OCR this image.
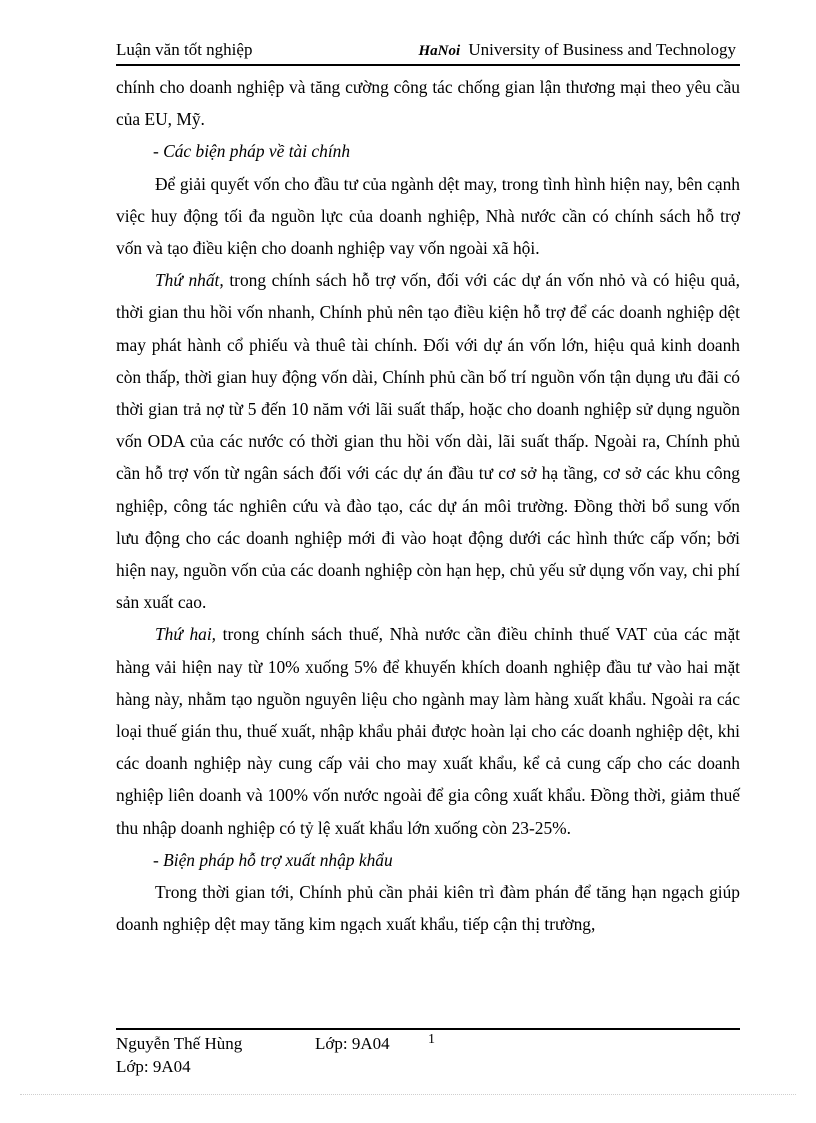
Luận văn tốt nghiệp	HaNoi University of Business and Technology

chính cho doanh nghiệp và tăng cường công tác chống gian lận thương mại theo yêu cầu của EU, Mỹ.

- Các biện pháp về tài chính

Để giải quyết vốn cho đầu tư của ngành dệt may, trong tình hình hiện nay, bên cạnh việc huy động tối đa nguồn lực của doanh nghiệp, Nhà nước cần có chính sách hỗ trợ vốn và tạo điều kiện cho doanh nghiệp vay vốn ngoài xã hội.

Thứ nhất, trong chính sách hỗ trợ vốn, đối với các dự án vốn nhỏ và có hiệu quả, thời gian thu hồi vốn nhanh, Chính phủ nên tạo điều kiện hỗ trợ để các doanh nghiệp dệt may phát hành cổ phiếu và thuê tài chính. Đối với dự án vốn lớn, hiệu quả kinh doanh còn thấp, thời gian huy động vốn dài, Chính phủ cần bố trí nguồn vốn tận dụng ưu đãi có thời gian trả nợ từ 5 đến 10 năm với lãi suất thấp, hoặc cho doanh nghiệp sử dụng nguồn vốn ODA của các nước có thời gian thu hồi vốn dài, lãi suất thấp. Ngoài ra, Chính phủ cần hỗ trợ vốn từ ngân sách đối với các dự án đầu tư cơ sở hạ tầng, cơ sở các khu công nghiệp, công tác nghiên cứu và đào tạo, các dự án môi trường. Đồng thời bổ sung vốn lưu động cho các doanh nghiệp mới đi vào hoạt động dưới các hình thức cấp vốn; bởi hiện nay, nguồn vốn của các doanh nghiệp còn hạn hẹp, chủ yếu sử dụng vốn vay, chi phí sản xuất cao.

Thứ hai, trong chính sách thuế, Nhà nước cần điều chỉnh thuế VAT của các mặt hàng vải hiện nay từ 10% xuống 5% để khuyến khích doanh nghiệp đầu tư vào hai mặt hàng này, nhằm tạo nguồn nguyên liệu cho ngành may làm hàng xuất khẩu. Ngoài ra các loại thuế gián thu, thuế xuất, nhập khẩu phải được hoàn lại cho các doanh nghiệp dệt, khi các doanh nghiệp này cung cấp vải cho may xuất khẩu, kể cả cung cấp cho các doanh nghiệp liên doanh và 100% vốn nước ngoài để gia công xuất khẩu. Đồng thời, giảm thuế thu nhập doanh nghiệp có tỷ lệ xuất khẩu lớn xuống còn 23-25%.

- Biện pháp hỗ trợ xuất nhập khẩu

Trong thời gian tới, Chính phủ cần phải kiên trì đàm phán để tăng hạn ngạch giúp doanh nghiệp dệt may tăng kim ngạch xuất khẩu, tiếp cận thị trường,

Nguyễn Thế Hùng	Lớp: 9A04	1
Lớp: 9A04
